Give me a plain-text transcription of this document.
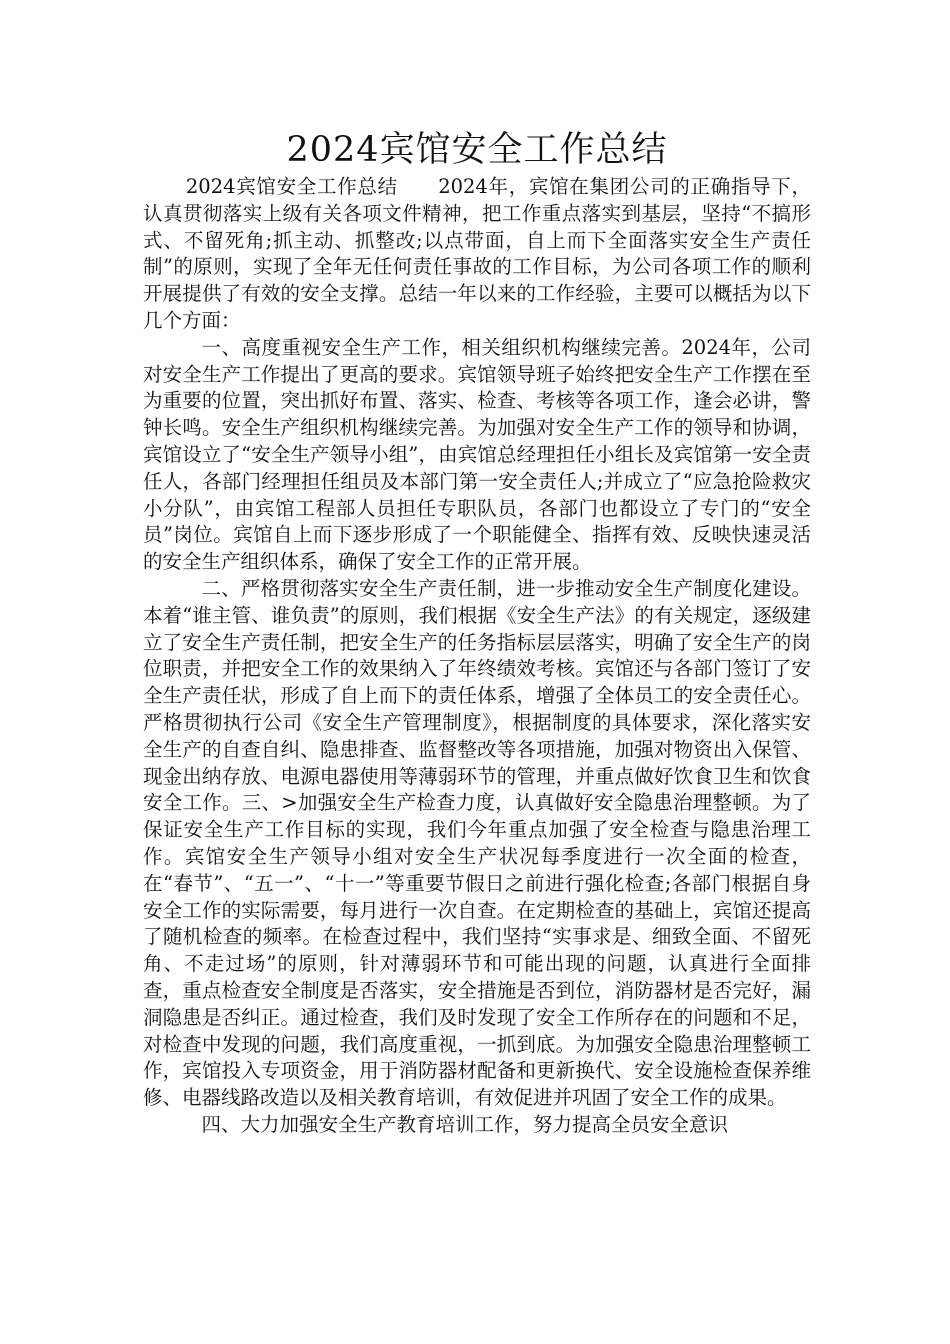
2024宾馆安全工作总结

2024宾馆安全工作总结　　2024年，宾馆在集团公司的正确指导下，认真贯彻落实上级有关各项文件精神，把工作重点落实到基层，坚持“不搞形式、不留死角;抓主动、抓整改;以点带面，自上而下全面落实安全生产责任制”的原则，实现了全年无任何责任事故的工作目标，为公司各项工作的顺利开展提供了有效的安全支撑。总结一年以来的工作经验，主要可以概括为以下几个方面：

一、高度重视安全生产工作，相关组织机构继续完善。2024年，公司对安全生产工作提出了更高的要求。宾馆领导班子始终把安全生产工作摆在至为重要的位置，突出抓好布置、落实、检查、考核等各项工作，逢会必讲，警钟长鸣。安全生产组织机构继续完善。为加强对安全生产工作的领导和协调，宾馆设立了“安全生产领导小组”，由宾馆总经理担任小组长及宾馆第一安全责任人，各部门经理担任组员及本部门第一安全责任人;并成立了“应急抢险救灾小分队”，由宾馆工程部人员担任专职队员，各部门也都设立了专门的“安全员”岗位。宾馆自上而下逐步形成了一个职能健全、指挥有效、反映快速灵活的安全生产组织体系，确保了安全工作的正常开展。

二、严格贯彻落实安全生产责任制，进一步推动安全生产制度化建设。本着“谁主管、谁负责”的原则，我们根据《安全生产法》的有关规定，逐级建立了安全生产责任制，把安全生产的任务指标层层落实，明确了安全生产的岗位职责，并把安全工作的效果纳入了年终绩效考核。宾馆还与各部门签订了安全生产责任状，形成了自上而下的责任体系，增强了全体员工的安全责任心。严格贯彻执行公司《安全生产管理制度》，根据制度的具体要求，深化落实安全生产的自查自纠、隐患排查、监督整改等各项措施，加强对物资出入保管、现金出纳存放、电源电器使用等薄弱环节的管理，并重点做好饮食卫生和饮食安全工作。三、>加强安全生产检查力度，认真做好安全隐患治理整顿。为了保证安全生产工作目标的实现，我们今年重点加强了安全检查与隐患治理工作。宾馆安全生产领导小组对安全生产状况每季度进行一次全面的检查，在“春节”、“五一”、“十一”等重要节假日之前进行强化检查;各部门根据自身安全工作的实际需要，每月进行一次自查。在定期检查的基础上，宾馆还提高了随机检查的频率。在检查过程中，我们坚持“实事求是、细致全面、不留死角、不走过场”的原则，针对薄弱环节和可能出现的问题，认真进行全面排查，重点检查安全制度是否落实，安全措施是否到位，消防器材是否完好，漏洞隐患是否纠正。通过检查，我们及时发现了安全工作所存在的问题和不足，对检查中发现的问题，我们高度重视，一抓到底。为加强安全隐患治理整顿工作，宾馆投入专项资金，用于消防器材配备和更新换代、安全设施检查保养维修、电器线路改造以及相关教育培训，有效促进并巩固了安全工作的成果。

四、大力加强安全生产教育培训工作，努力提高全员安全意识
